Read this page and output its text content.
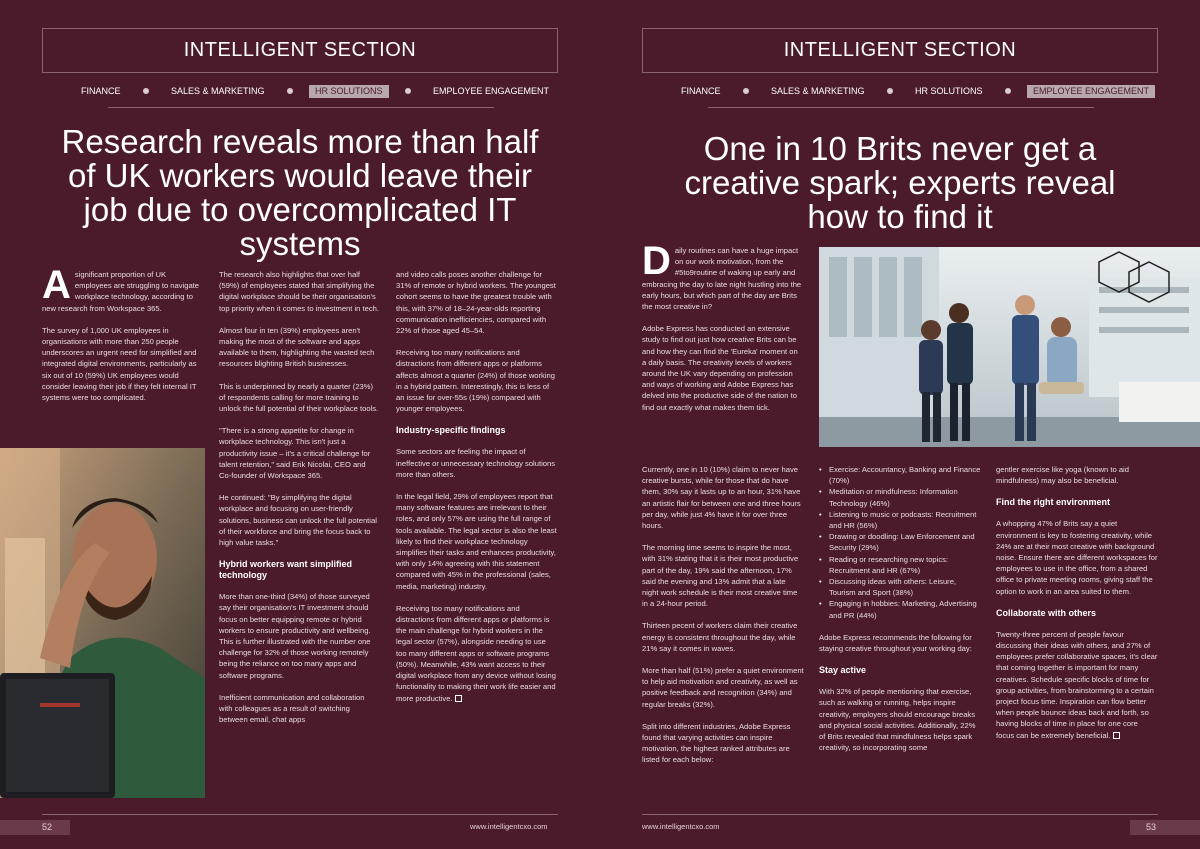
INTELLIGENT SECTION
FINANCE	SALES & MARKETING	HR SOLUTIONS	EMPLOYEE ENGAGEMENT
Research reveals more than half of UK workers would leave their job due to overcomplicated IT systems

Asignificant proportion of UK employees are struggling to navigate workplace technology, according to new research from Workspace 365.

The survey of 1,000 UK employees in organisations with more than 250 people underscores an urgent need for simplified and integrated digital environments, particularly as six out of 10 (59%) UK employees would consider leaving their job if they felt internal IT systems were too complicated.

The research also highlights that over half (59%) of employees stated that simplifying the digital workplace should be their organisation's top priority when it comes to investment in tech.

Almost four in ten (39%) employees aren't making the most of the software and apps available to them, highlighting the wasted tech resources blighting British businesses.

This is underpinned by nearly a quarter (23%) of respondents calling for more training to unlock the full potential of their workplace tools.

"There is a strong appetite for change in workplace technology. This isn't just a productivity issue – it's a critical challenge for talent retention," said Erik Nicolai, CEO and Co-founder of Workspace 365.

He continued: "By simplifying the digital workplace and focusing on user-friendly solutions, business can unlock the full potential of their workforce and bring the focus back to high value tasks."

Hybrid workers want simplified technology

More than one-third (34%) of those surveyed say their organisation's IT investment should focus on better equipping remote or hybrid workers to ensure productivity and wellbeing. This is further illustrated with the number one challenge for 32% of those working remotely being the reliance on too many apps and software programs.

Inefficient communication and collaboration with colleagues as a result of switching between email, chat apps

and video calls poses another challenge for 31% of remote or hybrid workers. The youngest cohort seems to have the greatest trouble with this, with 37% of 18–24-year-olds reporting communication inefficiencies, compared with 22% of those aged 45–54.

Receiving too many notifications and distractions from different apps or platforms affects almost a quarter (24%) of those working in a hybrid pattern. Interestingly, this is less of an issue for over-55s (19%) compared with younger employees.

Industry-specific findings

Some sectors are feeling the impact of ineffective or unnecessary technology solutions more than others.

In the legal field, 29% of employees report that many software features are irrelevant to their roles, and only 57% are using the full range of tools available. The legal sector is also the least likely to find their workplace technology simplifies their tasks and enhances productivity, with only 14% agreeing with this statement compared with 45% in the professional (sales, media, marketing) industry.

Receiving too many notifications and distractions from different apps or platforms is the main challenge for hybrid workers in the legal sector (57%), alongside needing to use too many different apps or software programs (50%). Meanwhile, 43% want access to their digital workplace from any device without losing functionality to making their work life easier and more productive.

52	www.intelligentcxo.com
INTELLIGENT SECTION
FINANCE	SALES & MARKETING	HR SOLUTIONS	EMPLOYEE ENGAGEMENT
One in 10 Brits never get a creative spark; experts reveal how to find it

Daily routines can have a huge impact on our work motivation, from the #5to9routine of waking up early and embracing the day to late night hustling into the early hours, but which part of the day are Brits the most creative in?

Adobe Express has conducted an extensive study to find out just how creative Brits can be and how they can find the 'Eureka' moment on a daily basis. The creativity levels of workers around the UK vary depending on profession and ways of working and Adobe Express has delved into the productive side of the nation to find out exactly what makes them tick.

Currently, one in 10 (10%) claim to never have creative bursts, while for those that do have them, 30% say it lasts up to an hour, 31% have an artistic flair for between one and three hours per day, while just 4% have it for over three hours.

The morning time seems to inspire the most, with 31% stating that it is their most productive part of the day, 19% said the afternoon, 17% said the evening and 13% admit that a late night work schedule is their most creative time in a 24-hour period.

Thirteen pecent of workers claim their creative energy is consistent throughout the day, while 21% say it comes in waves.

More than half (51%) prefer a quiet environment to help aid motivation and creativity, as well as positive feedback and recognition (34%) and regular breaks (32%).

Split into different industries, Adobe Express found that varying activities can inspire motivation, the highest ranked attributes are listed for each below:

• Exercise: Accountancy, Banking and Finance (70%)
• Meditation or mindfulness: Information Technology (46%)
• Listening to music or podcasts: Recruitment and HR (56%)
• Drawing or doodling: Law Enforcement and Security (29%)
• Reading or researching new topics: Recruitment and HR (67%)
• Discussing ideas with others: Leisure, Tourism and Sport (38%)
• Engaging in hobbies: Marketing, Advertising and PR (44%)

Adobe Express recommends the following for staying creative throughout your working day:

Stay active

With 32% of people mentioning that exercise, such as walking or running, helps inspire creativity, employers should encourage breaks and physical social activities. Additionally, 22% of Brits revealed that mindfulness helps spark creativity, so incorporating some

gentler exercise like yoga (known to aid mindfulness) may also be beneficial.

Find the right environment

A whopping 47% of Brits say a quiet environment is key to fostering creativity, while 24% are at their most creative with background noise. Ensure there are different workspaces for employees to use in the office, from a shared office to private meeting rooms, giving staff the option to work in an area suited to them.

Collaborate with others

Twenty-three percent of people favour discussing their ideas with others, and 27% of employees prefer collaborative spaces, it's clear that coming together is important for many creatives. Schedule specific blocks of time for group activities, from brainstorming to a certain project focus time. Inspiration can flow better when people bounce ideas back and forth, so having blocks of time in place for one core focus can be extremely beneficial.

www.intelligentcxo.com	53
